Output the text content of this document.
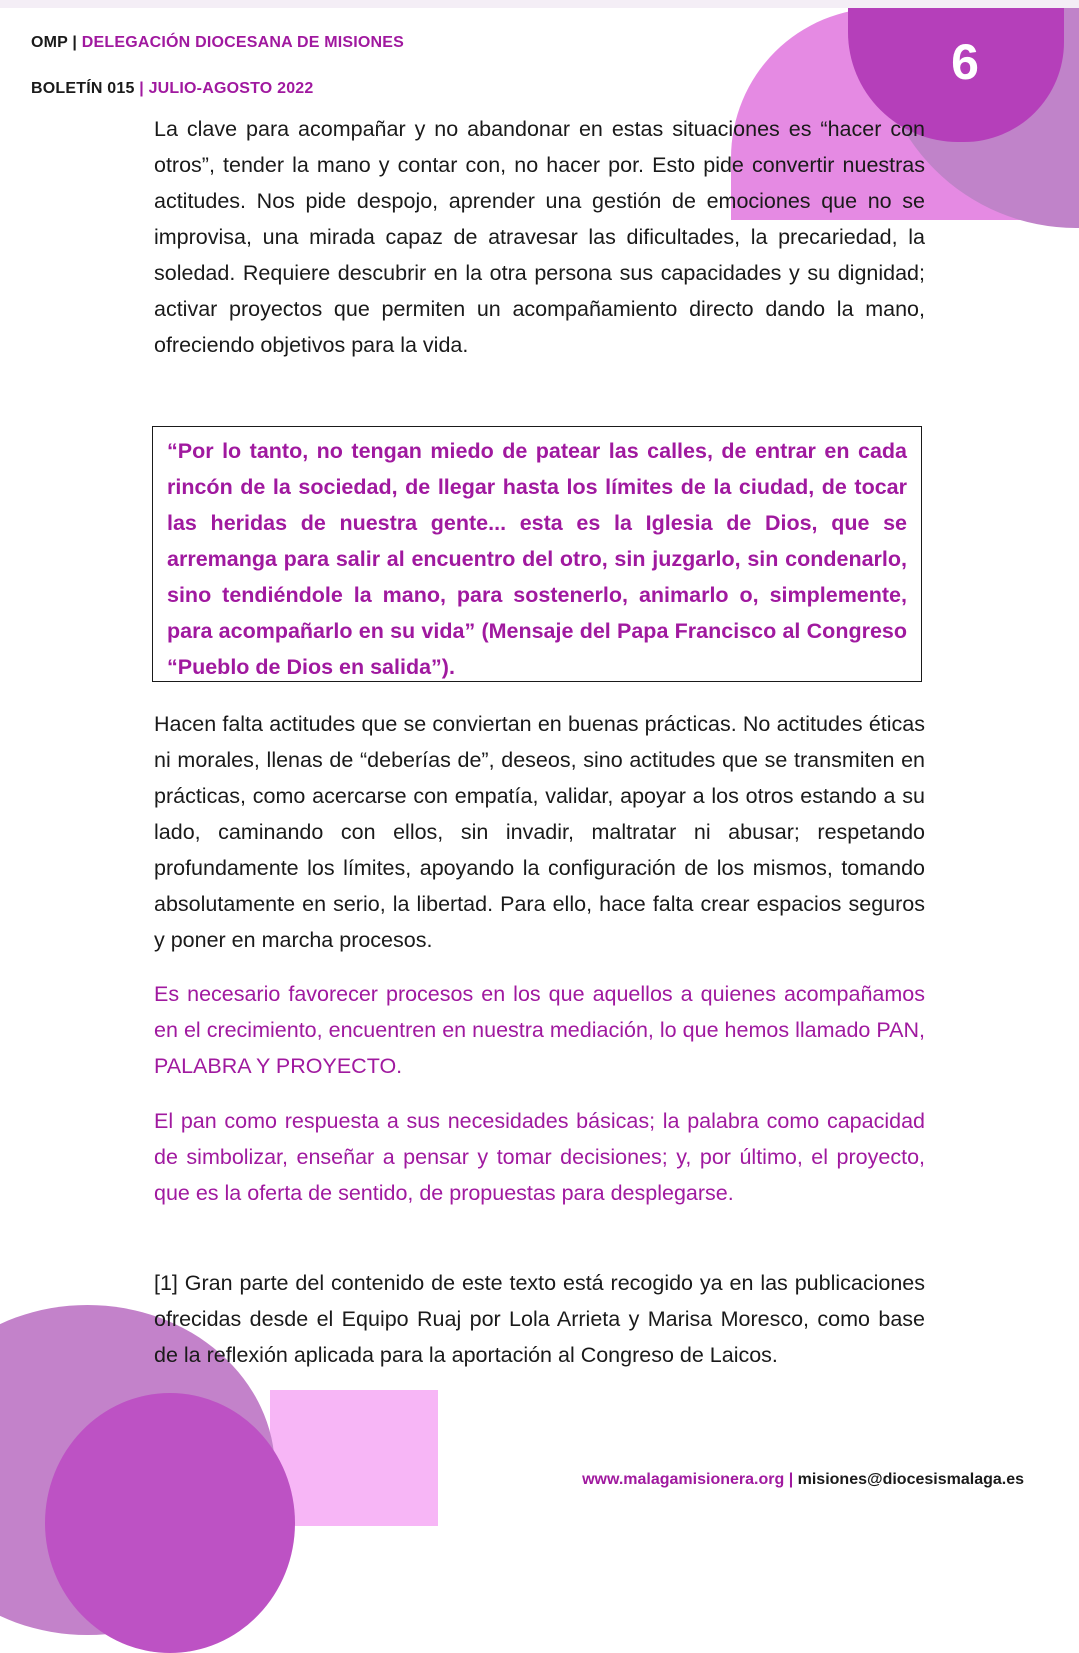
6
OMP | DELEGACIÓN DIOCESANA DE MISIONES
BOLETÍN 015 | JULIO-AGOSTO 2022

La clave para acompañar y no abandonar en estas situaciones es “hacer con otros”, tender la mano y contar con, no hacer por. Esto pide convertir nuestras actitudes. Nos pide despojo, aprender una gestión de emociones que no se improvisa, una mirada capaz de atravesar las dificultades, la precariedad, la soledad. Requiere descubrir en la otra persona sus capacidades y su dignidad; activar proyectos que permiten un acompañamiento directo dando la mano, ofreciendo objetivos para la vida.

“Por lo tanto, no tengan miedo de patear las calles, de entrar en cada rincón de la sociedad, de llegar hasta los límites de la ciudad, de tocar las heridas de nuestra gente... esta es la Iglesia de Dios, que se arremanga para salir al encuentro del otro, sin juzgarlo, sin condenarlo, sino tendiéndole la mano, para sostenerlo, animarlo o, simplemente, para acompañarlo en su vida” (Mensaje del Papa Francisco al Congreso “Pueblo de Dios en salida”).

Hacen falta actitudes que se conviertan en buenas prácticas. No actitudes éticas ni morales, llenas de “deberías de”, deseos, sino actitudes que se transmiten en prácticas, como acercarse con empatía, validar, apoyar a los otros estando a su lado, caminando con ellos, sin invadir, maltratar ni abusar; respetando profundamente los límites, apoyando la configuración de los mismos, tomando absolutamente en serio, la libertad. Para ello, hace falta crear espacios seguros y poner en marcha procesos.

Es necesario favorecer procesos en los que aquellos a quienes acompañamos en el crecimiento, encuentren en nuestra mediación, lo que hemos llamado PAN, PALABRA Y PROYECTO.

El pan como respuesta a sus necesidades básicas; la palabra como capacidad de simbolizar, enseñar a pensar y tomar decisiones; y, por último, el proyecto, que es la oferta de sentido, de propuestas para desplegarse.

[1] Gran parte del contenido de este texto está recogido ya en las publicaciones ofrecidas desde el Equipo Ruaj por Lola Arrieta y Marisa Moresco, como base de la reflexión aplicada para la aportación al Congreso de Laicos.

www.malagamisionera.org | misiones@diocesismalaga.es
